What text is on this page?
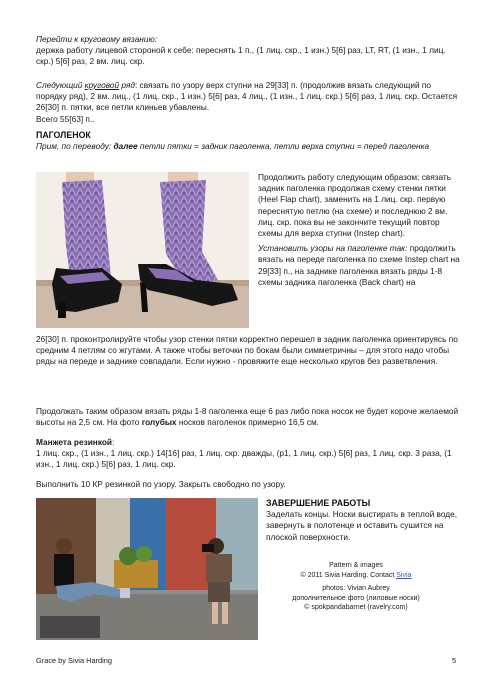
Перейти к круговому вязанию:

держка работу лицевой стороной к себе: переснять 1 п., (1 лиц. скр., 1 изн.) 5[6] раз, LT, RT, (1 изн., 1 лиц. скр.) 5[6] раз, 2 вм. лиц. скр.

Следующий круговой ряд: связать по узору верх ступни на 29[33] п. (продолжив вязать следующий по порядку ряд), 2 вм. лиц., (1 лиц. скр., 1 изн.) 5[6] раз, 4 лиц., (1 изн., 1 лиц. скр.) 5[6] раз, 1 лиц. скр. Остается 26[30] п. пятки, все петли клиньев убавлены.

Всего 55[63] п..

ПАГОЛЕНОК

Прим. по переводу: далее петли пятки = задник паголенка, петли верха ступни = перед паголенка

Продолжить работу следующим образом: связать задник паголенка продолжая схему стенки пятки (Heel Flap chart), заменить на 1 лиц. скр. первую переснятую петлю (на схеме) и последнюю 2 вм. лиц. скр. пока вы не закончите текущий повтор схемы для верха ступни (Instep chart).

Установить узоры на паголенке так: продолжить вязать на переде паголенка по схеме Instep chart на 29[33] п., на заднике паголенка вязать ряды 1-8 схемы задника паголенка (Back chart) на

26[30] п. проконтролируйте чтобы узор стенки пятки корректно перешел в задник паголенка ориентируясь по средним 4 петлям со жгутами. А также чтобы веточки по бокам были симметричны – для этого надо чтобы ряды на переде и заднике совпадали. Если нужно - провяжите еще несколько кругов без разветвления.

Продолжать таким образом вязать ряды 1-8 паголенка еще 6 раз либо пока носок не будет короче желаемой высоты на 2,5 см. На фото голубых носков паголенок примерно 16,5 см.

Манжета резинкой:

1 лиц. скр., (1 изн., 1 лиц. скр.) 14[16] раз, 1 лиц. скр. дважды, (р1, 1 лиц. скр.) 5[6] раз, 1 лиц. скр. 3 раза, (1 изн., 1 лиц. скр.) 5[6] раз, 1 лиц. скр.

Выполнить 10 КР резинкой по узору. Закрыть свободно по узору.

ЗАВЕРШЕНИЕ РАБОТЫ

Заделать концы. Носки выстирать в теплой воде, завернуть в полотенце и оставить сушится на плоской поверхности.

Pattern & images

© 2011 Sivia Harding. Contact Sivia

photos: Vivian Aubrey

дополнительное фото (лиловые носки)

© spokpandabarnet (ravelry.com)

Grace by Sivia Harding	5
